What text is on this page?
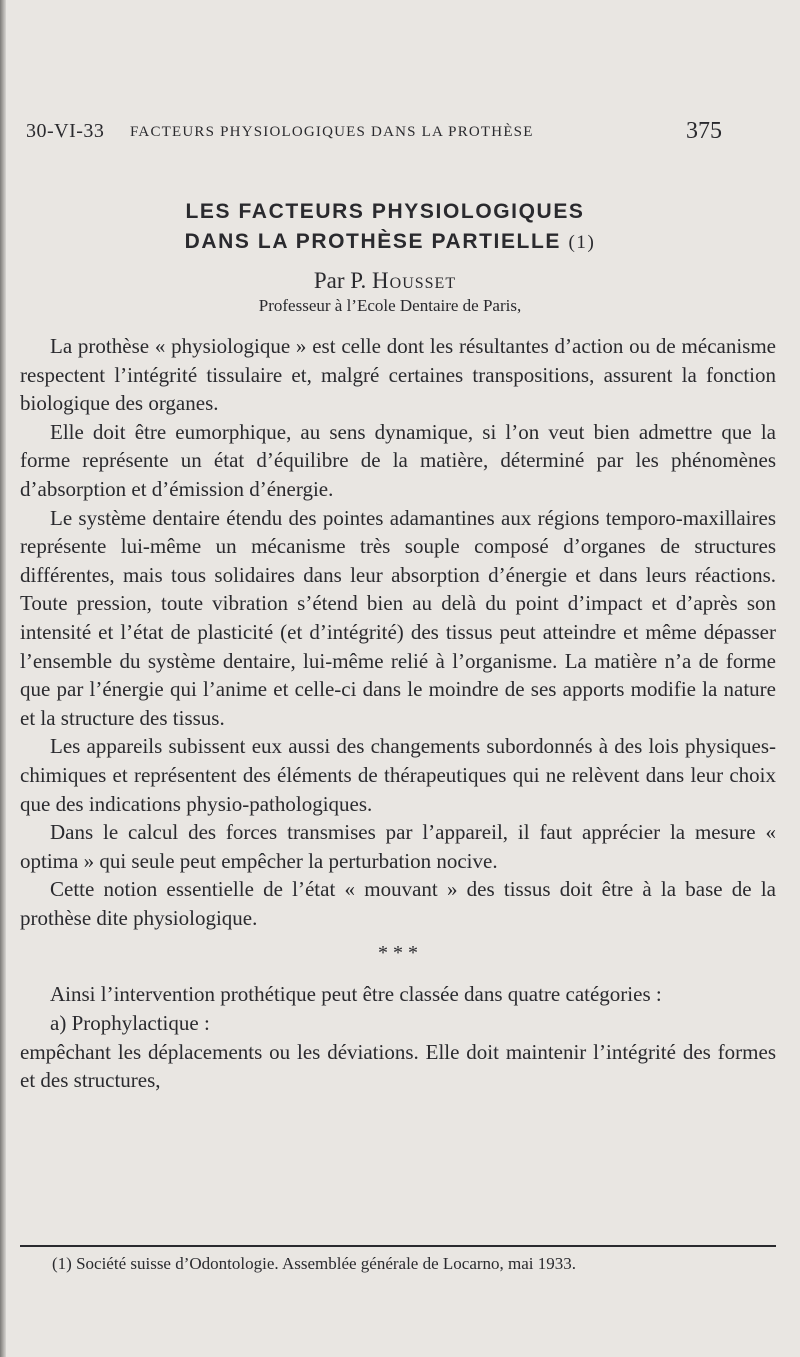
30-VI-33 FACTEURS PHYSIOLOGIQUES DANS LA PROTHÈSE	375
LES FACTEURS PHYSIOLOGIQUES
DANS LA PROTHÈSE PARTIELLE (1)
Par P. Housset
Professeur à l’Ecole Dentaire de Paris,

La prothèse « physiologique » est celle dont les résultantes d’action ou de mécanisme respectent l’intégrité tissulaire et, malgré certaines transpositions, assurent la fonction biologique des organes.

Elle doit être eumorphique, au sens dynamique, si l’on veut bien admettre que la forme représente un état d’équilibre de la matière, déterminé par les phénomènes d’absorption et d’émission d’énergie.

Le système dentaire étendu des pointes adamantines aux régions temporo-maxillaires représente lui-même un mécanisme très souple composé d’organes de structures différentes, mais tous solidaires dans leur absorption d’énergie et dans leurs réactions. Toute pression, toute vibration s’étend bien au delà du point d’impact et d’après son intensité et l’état de plasticité (et d’intégrité) des tissus peut atteindre et même dépasser l’ensemble du système dentaire, lui-même relié à l’organisme. La matière n’a de forme que par l’énergie qui l’anime et celle-ci dans le moindre de ses apports modifie la nature et la structure des tissus.

Les appareils subissent eux aussi des changements subordonnés à des lois physiques-chimiques et représentent des éléments de thérapeutiques qui ne relèvent dans leur choix que des indications physio-pathologiques.

Dans le calcul des forces transmises par l’appareil, il faut apprécier la mesure « optima » qui seule peut empêcher la perturbation nocive.

Cette notion essentielle de l’état « mouvant » des tissus doit être à la base de la prothèse dite physiologique.

* * *

Ainsi l’intervention prothétique peut être classée dans quatre catégories :

a) Prophylactique :

empêchant les déplacements ou les déviations. Elle doit maintenir l’intégrité des formes et des structures,

(1) Société suisse d’Odontologie. Assemblée générale de Locarno, mai 1933.
